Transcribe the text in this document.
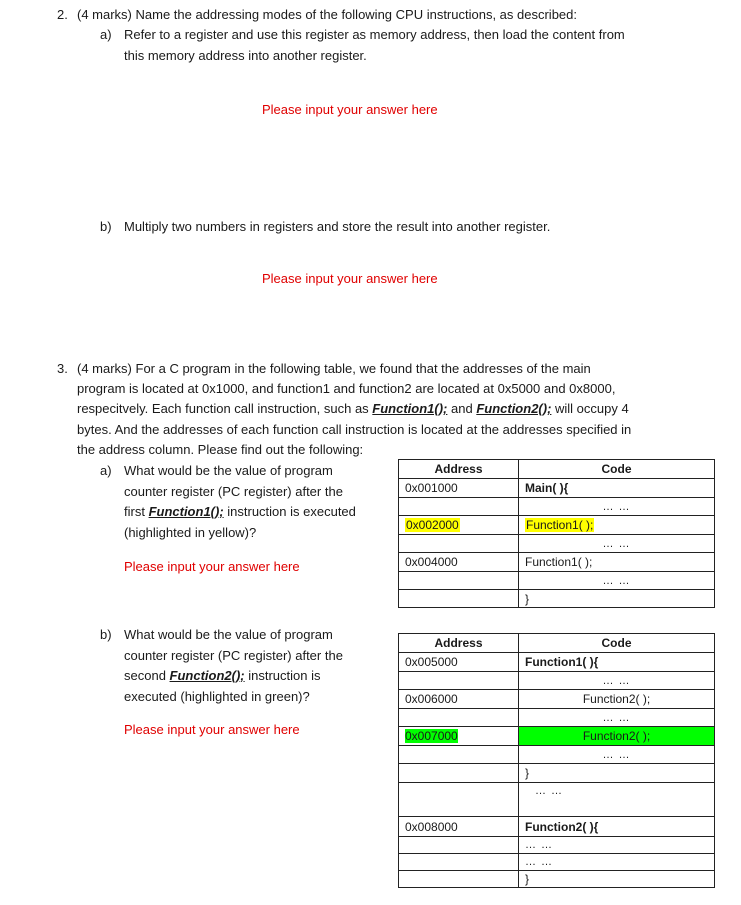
2. (4 marks) Name the addressing modes of the following CPU instructions, as described:
a) Refer to a register and use this register as memory address, then load the content from
this memory address into another register.
Please input your answer here
b) Multiply two numbers in registers and store the result into another register.
Please input your answer here
3. (4 marks) For a C program in the following table, we found that the addresses of the main
program is located at 0x1000, and function1 and function2 are located at 0x5000 and 0x8000,
respecitvely. Each function call instruction, such as Function1(); and Function2(); will occupy 4
bytes. And the addresses of each function call instruction is located at the addresses specified in
the address column. Please find out the following:
a) What would be the value of program
counter register (PC register) after the
first Function1(); instruction is executed
(highlighted in yellow)?
Please input your answer here
Address	Code
0x001000	Main( ){
	… …
0x002000	Function1( );
	… …
0x004000	Function1( );
	… …
	}
b) What would be the value of program
counter register (PC register) after the
second Function2(); instruction is
executed (highlighted in green)?
Please input your answer here
Address	Code
0x005000	Function1( ){
	… …
0x006000	Function2( );
	… …
0x007000	Function2( );
	… …
	}
	… …
0x008000	Function2( ){
	… …
	… …
	}
